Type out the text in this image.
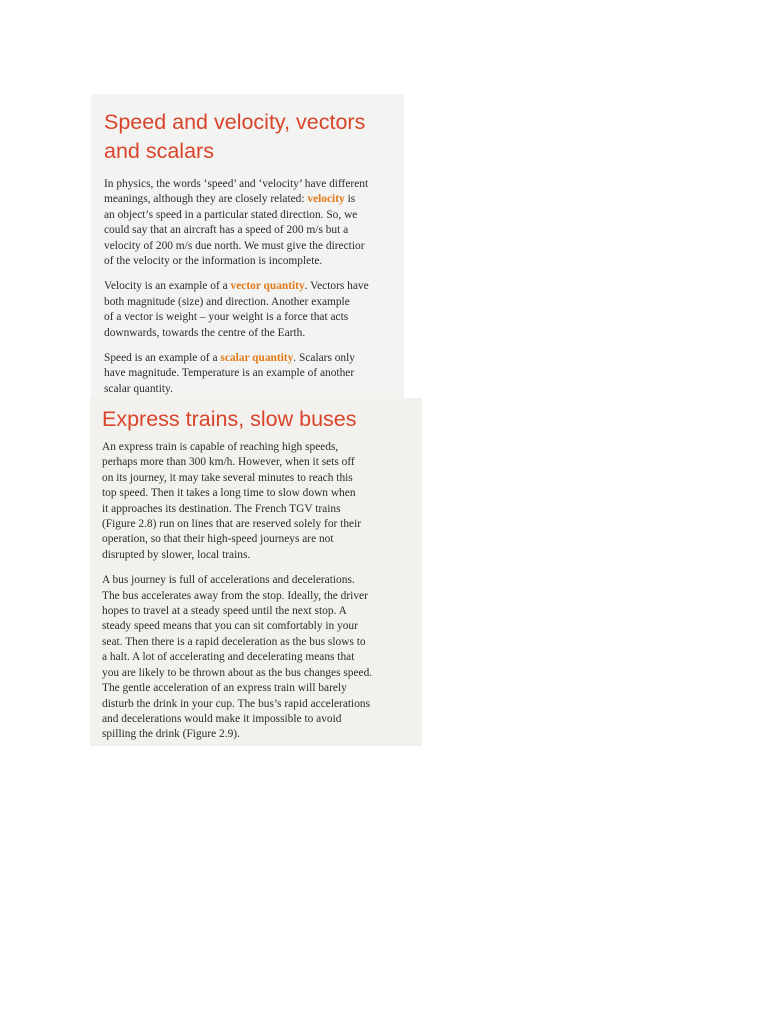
Speed and velocity, vectors
and scalars

In physics, the words ‘speed’ and ‘velocity’ have different
meanings, although they are closely related: velocity is
an object’s speed in a particular stated direction. So, we
could say that an aircraft has a speed of 200 m/s but a
velocity of 200 m/s due north. We must give the directior
of the velocity or the information is incomplete.

Velocity is an example of a vector quantity. Vectors have
both magnitude (size) and direction. Another example
of a vector is weight – your weight is a force that acts
downwards, towards the centre of the Earth.

Speed is an example of a scalar quantity. Scalars only
have magnitude. Temperature is an example of another
scalar quantity.

Express trains, slow buses

An express train is capable of reaching high speeds,
perhaps more than 300 km/h. However, when it sets off
on its journey, it may take several minutes to reach this
top speed. Then it takes a long time to slow down when
it approaches its destination. The French TGV trains
(Figure 2.8) run on lines that are reserved solely for their
operation, so that their high-speed journeys are not
disrupted by slower, local trains.

A bus journey is full of accelerations and decelerations.
The bus accelerates away from the stop. Ideally, the driver
hopes to travel at a steady speed until the next stop. A
steady speed means that you can sit comfortably in your
seat. Then there is a rapid deceleration as the bus slows to
a halt. A lot of accelerating and decelerating means that
you are likely to be thrown about as the bus changes speed.
The gentle acceleration of an express train will barely
disturb the drink in your cup. The bus’s rapid accelerations
and decelerations would make it impossible to avoid
spilling the drink (Figure 2.9).
